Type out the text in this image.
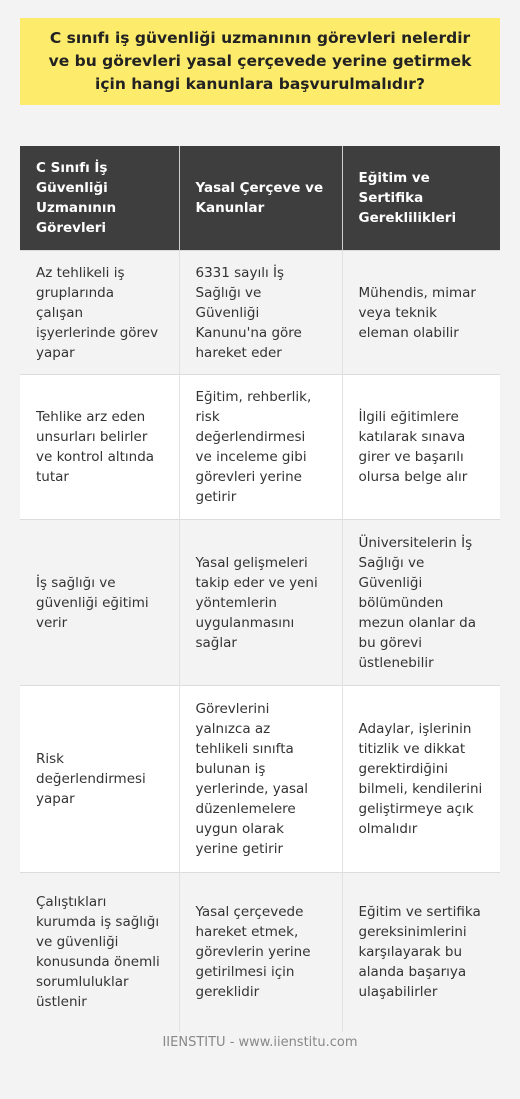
C sınıfı iş güvenliği uzmanının görevleri nelerdir ve bu görevleri yasal çerçevede yerine getirmek için hangi kanunlara başvurulmalıdır?
C Sınıfı İş Güvenliği Uzmanının Görevleri	Yasal Çerçeve ve Kanunlar	Eğitim ve Sertifika Gereklilikleri
Az tehlikeli iş gruplarında çalışan işyerlerinde görev yapar	6331 sayılı İş Sağlığı ve Güvenliği Kanunu'na göre hareket eder	Mühendis, mimar veya teknik eleman olabilir
Tehlike arz eden unsurları belirler ve kontrol altında tutar	Eğitim, rehberlik, risk değerlendirmesi ve inceleme gibi görevleri yerine getirir	İlgili eğitimlere katılarak sınava girer ve başarılı olursa belge alır
İş sağlığı ve güvenliği eğitimi verir	Yasal gelişmeleri takip eder ve yeni yöntemlerin uygulanmasını sağlar	Üniversitelerin İş Sağlığı ve Güvenliği bölümünden mezun olanlar da bu görevi üstlenebilir
Risk değerlendirmesi yapar	Görevlerini yalnızca az tehlikeli sınıfta bulunan iş yerlerinde, yasal düzenlemelere uygun olarak yerine getirir	Adaylar, işlerinin titizlik ve dikkat gerektirdiğini bilmeli, kendilerini geliştirmeye açık olmalıdır
Çalıştıkları kurumda iş sağlığı ve güvenliği konusunda önemli sorumluluklar üstlenir	Yasal çerçevede hareket etmek, görevlerin yerine getirilmesi için gereklidir	Eğitim ve sertifika gereksinimlerini karşılayarak bu alanda başarıya ulaşabilirler
IIENSTITU - www.iienstitu.com
